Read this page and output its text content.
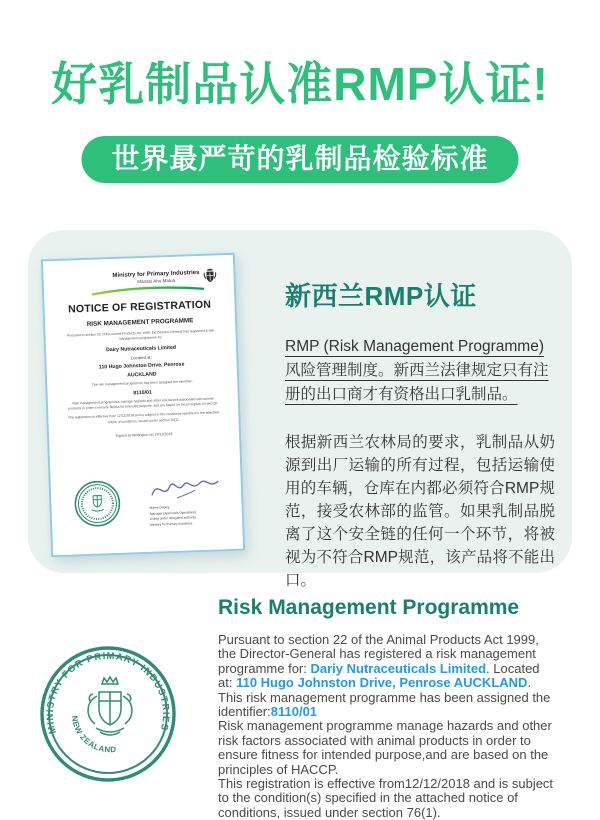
好乳制品认准RMP认证!
世界最严苛的乳制品检验标准
Ministry for Primary Industries
Manatū Ahu Matua
NOTICE OF REGISTRATION
RISK MANAGEMENT PROGRAMME
Pursuant to section 22 of the Animal Products Act 1999, the Director-General has registered a risk management programme for:
Dairy Nutraceuticals Limited
Located at:
110 Hugo Johnston Drive, Penrose
AUCKLAND
The risk management programme has been assigned the identifier:
8110/01
Risk management programmes manage hazards and other risk factors associated with animal products in order to ensure fitness for intended purpose, and are based on the principles of HACCP.
The registration is effective from 12/12/2018 and is subject to the conditions specified in the attached notice of conditions, issued under section 76(1).
Signed at Wellington on 19/12/2018
Maree Dooley
Manager (Approvals Operations)
Acting under delegated authority
Ministry for Primary Industries
新西兰RMP认证

RMP (Risk Management Programme) 风险管理制度。新西兰法律规定只有注册的出口商才有资格出口乳制品。

根据新西兰农林局的要求，乳制品从奶源到出厂运输的所有过程，包括运输使用的车辆，仓库在内都必须符合RMP规范，接受农林部的监管。如果乳制品脱离了这个安全链的任何一个环节，将被视为不符合RMP规范，该产品将不能出口。

MINISTRY FOR PRIMARY INDUSTRIES
NEW ZEALAND
Risk Management Programme

Pursuant to section 22 of the Animal Products Act 1999, the Director-General has registered a risk management programme for: Dariy Nutraceuticals Limited. Located at: 110 Hugo Johnston Drive, Penrose AUCKLAND. This risk management programme has been assigned the identifier:8110/01

Risk management programme manage hazards and other risk factors associated with animal products in order to ensure fitness for intended purpose,and are based on the principles of HACCP.

This registration is effective from12/12/2018 and is subject to the condition(s) specified in the attached notice of conditions, issued under section 76(1).
